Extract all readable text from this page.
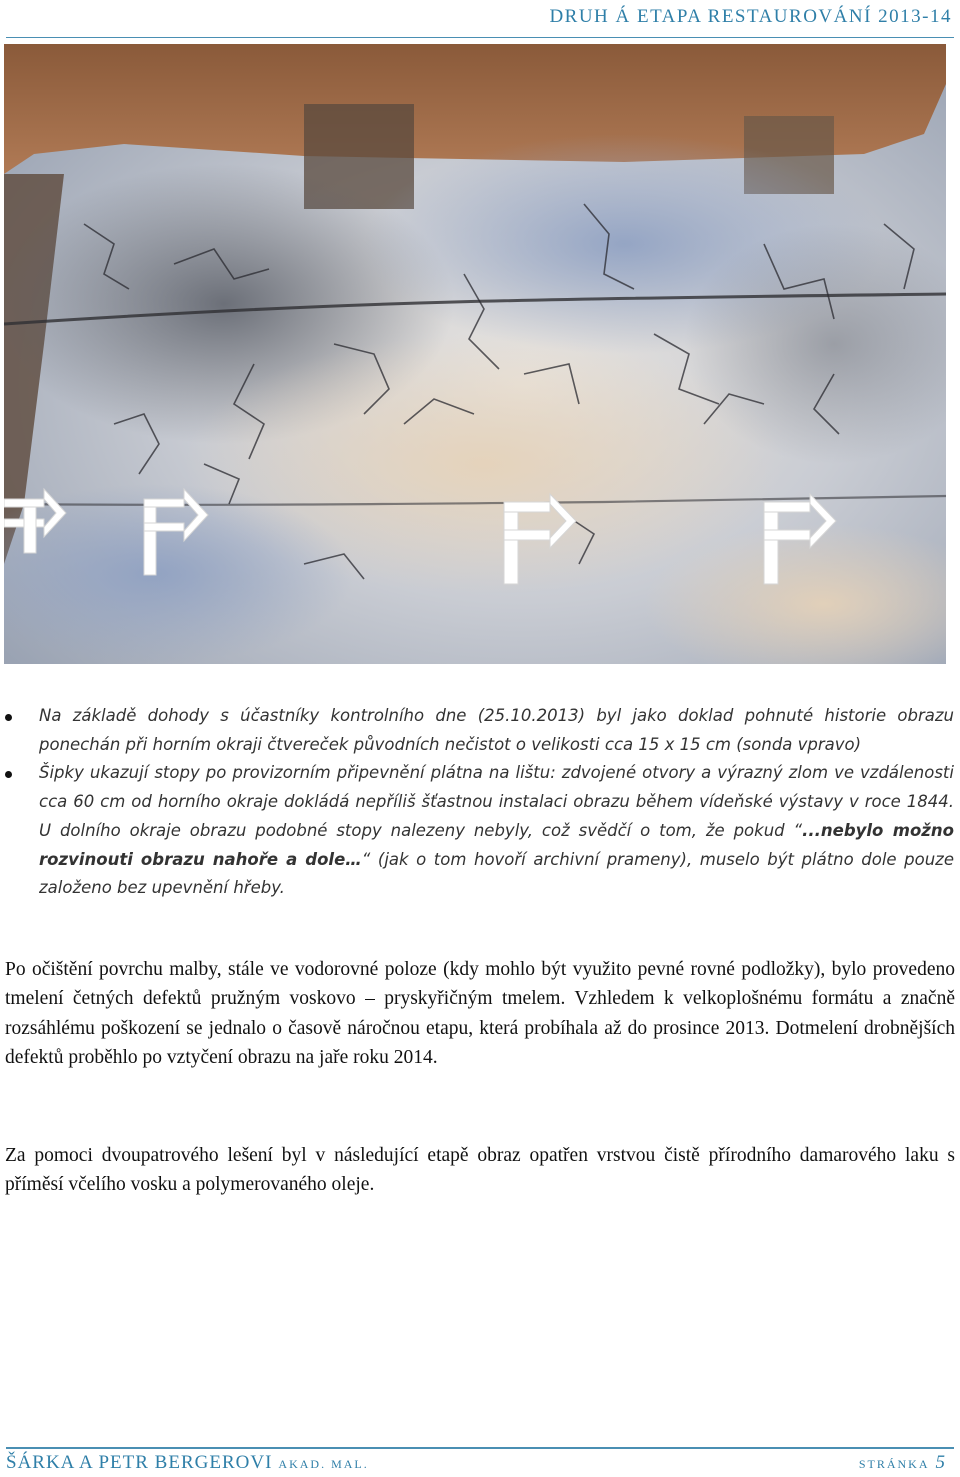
DRUH Á ETAPA RESTAUROVÁNÍ 2013-14
Na základě dohody s účastníky kontrolního dne (25.10.2013) byl jako doklad pohnuté historie obrazu ponechán při horním okraji čtvereček původních nečistot o velikosti cca 15 x 15 cm (sonda vpravo)
Šipky ukazují stopy po provizorním připevnění plátna na lištu: zdvojené otvory a výrazný zlom ve vzdálenosti cca 60 cm od horního okraje dokládá nepříliš šťastnou instalaci obrazu během vídeňské výstavy v roce 1844. U dolního okraje obrazu podobné stopy nalezeny nebyly, což svědčí o tom, že pokud “...nebylo možno rozvinouti obrazu nahoře a dole…“ (jak o tom hovoří archivní prameny), muselo být plátno dole pouze založeno bez upevnění hřeby.

Po očištění povrchu malby, stále ve vodorovné poloze (kdy mohlo být využito pevné rovné podložky), bylo provedeno tmelení četných defektů pružným voskovo – pryskyřičným tmelem. Vzhledem k velkoplošnému formátu a značně rozsáhlému poškození se jednalo o časově náročnou etapu, která probíhala až do prosince 2013. Dotmelení drobnějších defektů proběhlo po vztyčení obrazu na jaře roku 2014.

Za pomoci dvoupatrového lešení byl v následující etapě obraz opatřen vrstvou čistě přírodního damarového laku s příměsí včelího vosku a polymerovaného oleje.

ŠÁRKA A PETR BERGEROVI AKAD. MAL.	STRÁNKA 5
